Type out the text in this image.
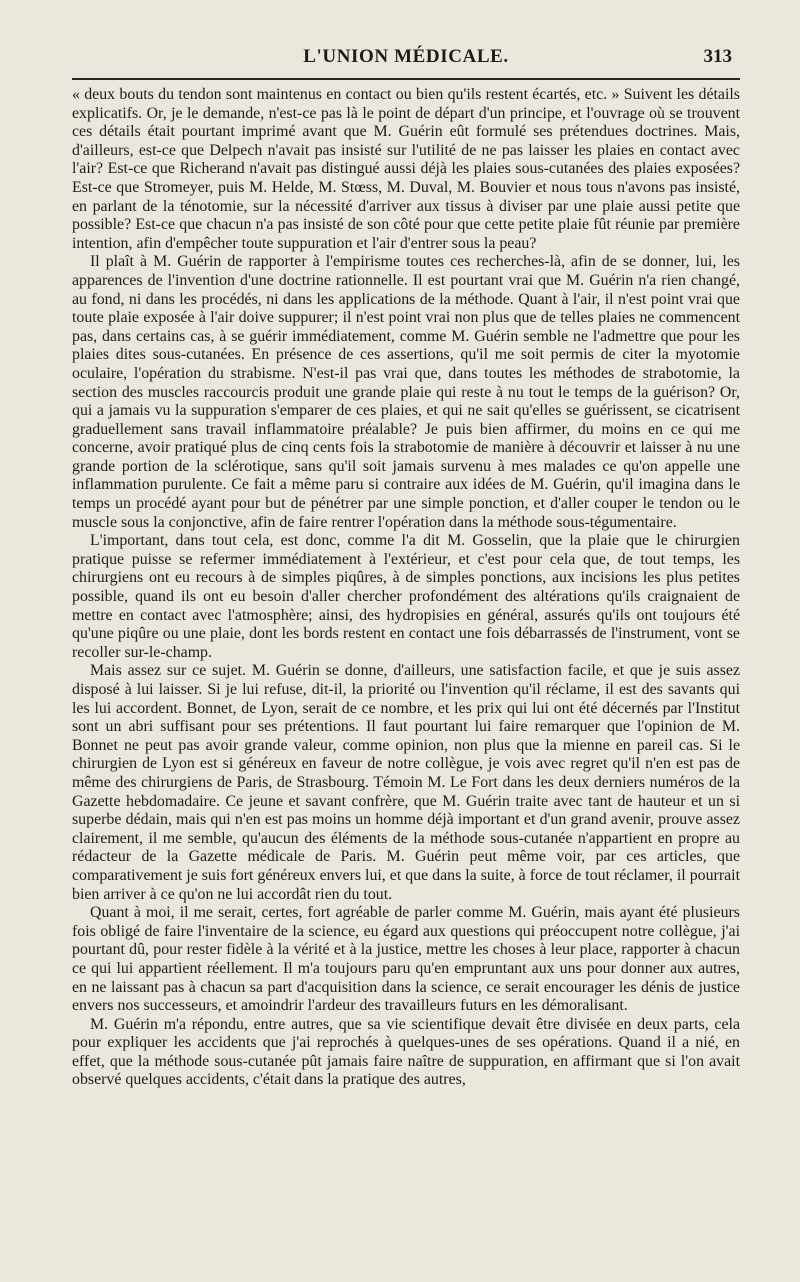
L'UNION MÉDICALE.	313

« deux bouts du tendon sont maintenus en contact ou bien qu'ils restent écartés, etc. » Suivent les détails explicatifs. Or, je le demande, n'est-ce pas là le point de départ d'un principe, et l'ouvrage où se trouvent ces détails était pourtant imprimé avant que M. Guérin eût formulé ses prétendues doctrines. Mais, d'ailleurs, est-ce que Delpech n'avait pas insisté sur l'utilité de ne pas laisser les plaies en contact avec l'air? Est-ce que Richerand n'avait pas distingué aussi déjà les plaies sous-cutanées des plaies exposées? Est-ce que Stromeyer, puis M. Helde, M. Stœss, M. Duval, M. Bouvier et nous tous n'avons pas insisté, en parlant de la ténotomie, sur la nécessité d'arriver aux tissus à diviser par une plaie aussi petite que possible? Est-ce que chacun n'a pas insisté de son côté pour que cette petite plaie fût réunie par première intention, afin d'empêcher toute suppuration et l'air d'entrer sous la peau?

Il plaît à M. Guérin de rapporter à l'empirisme toutes ces recherches-là, afin de se donner, lui, les apparences de l'invention d'une doctrine rationnelle. Il est pourtant vrai que M. Guérin n'a rien changé, au fond, ni dans les procédés, ni dans les applications de la méthode. Quant à l'air, il n'est point vrai que toute plaie exposée à l'air doive suppurer; il n'est point vrai non plus que de telles plaies ne commencent pas, dans certains cas, à se guérir immédiatement, comme M. Guérin semble ne l'admettre que pour les plaies dites sous-cutanées. En présence de ces assertions, qu'il me soit permis de citer la myotomie oculaire, l'opération du strabisme. N'est-il pas vrai que, dans toutes les méthodes de strabotomie, la section des muscles raccourcis produit une grande plaie qui reste à nu tout le temps de la guérison? Or, qui a jamais vu la suppuration s'emparer de ces plaies, et qui ne sait qu'elles se guérissent, se cicatrisent graduellement sans travail inflammatoire préalable? Je puis bien affirmer, du moins en ce qui me concerne, avoir pratiqué plus de cinq cents fois la strabotomie de manière à découvrir et laisser à nu une grande portion de la sclérotique, sans qu'il soit jamais survenu à mes malades ce qu'on appelle une inflammation purulente. Ce fait a même paru si contraire aux idées de M. Guérin, qu'il imagina dans le temps un procédé ayant pour but de pénétrer par une simple ponction, et d'aller couper le tendon ou le muscle sous la conjonctive, afin de faire rentrer l'opération dans la méthode sous-tégumentaire.

L'important, dans tout cela, est donc, comme l'a dit M. Gosselin, que la plaie que le chirurgien pratique puisse se refermer immédiatement à l'extérieur, et c'est pour cela que, de tout temps, les chirurgiens ont eu recours à de simples piqûres, à de simples ponctions, aux incisions les plus petites possible, quand ils ont eu besoin d'aller chercher profondément des altérations qu'ils craignaient de mettre en contact avec l'atmosphère; ainsi, des hydropisies en général, assurés qu'ils ont toujours été qu'une piqûre ou une plaie, dont les bords restent en contact une fois débarrassés de l'instrument, vont se recoller sur-le-champ.

Mais assez sur ce sujet. M. Guérin se donne, d'ailleurs, une satisfaction facile, et que je suis assez disposé à lui laisser. Si je lui refuse, dit-il, la priorité ou l'invention qu'il réclame, il est des savants qui les lui accordent. Bonnet, de Lyon, serait de ce nombre, et les prix qui lui ont été décernés par l'Institut sont un abri suffisant pour ses prétentions. Il faut pourtant lui faire remarquer que l'opinion de M. Bonnet ne peut pas avoir grande valeur, comme opinion, non plus que la mienne en pareil cas. Si le chirurgien de Lyon est si généreux en faveur de notre collègue, je vois avec regret qu'il n'en est pas de même des chirurgiens de Paris, de Strasbourg. Témoin M. Le Fort dans les deux derniers numéros de la Gazette hebdomadaire. Ce jeune et savant confrère, que M. Guérin traite avec tant de hauteur et un si superbe dédain, mais qui n'en est pas moins un homme déjà important et d'un grand avenir, prouve assez clairement, il me semble, qu'aucun des éléments de la méthode sous-cutanée n'appartient en propre au rédacteur de la Gazette médicale de Paris. M. Guérin peut même voir, par ces articles, que comparativement je suis fort généreux envers lui, et que dans la suite, à force de tout réclamer, il pourrait bien arriver à ce qu'on ne lui accordât rien du tout.

Quant à moi, il me serait, certes, fort agréable de parler comme M. Guérin, mais ayant été plusieurs fois obligé de faire l'inventaire de la science, eu égard aux questions qui préoccupent notre collègue, j'ai pourtant dû, pour rester fidèle à la vérité et à la justice, mettre les choses à leur place, rapporter à chacun ce qui lui appartient réellement. Il m'a toujours paru qu'en empruntant aux uns pour donner aux autres, en ne laissant pas à chacun sa part d'acquisition dans la science, ce serait encourager les dénis de justice envers nos successeurs, et amoindrir l'ardeur des travailleurs futurs en les démoralisant.

M. Guérin m'a répondu, entre autres, que sa vie scientifique devait être divisée en deux parts, cela pour expliquer les accidents que j'ai reprochés à quelques-unes de ses opérations. Quand il a nié, en effet, que la méthode sous-cutanée pût jamais faire naître de suppuration, en affirmant que si l'on avait observé quelques accidents, c'était dans la pratique des autres,
